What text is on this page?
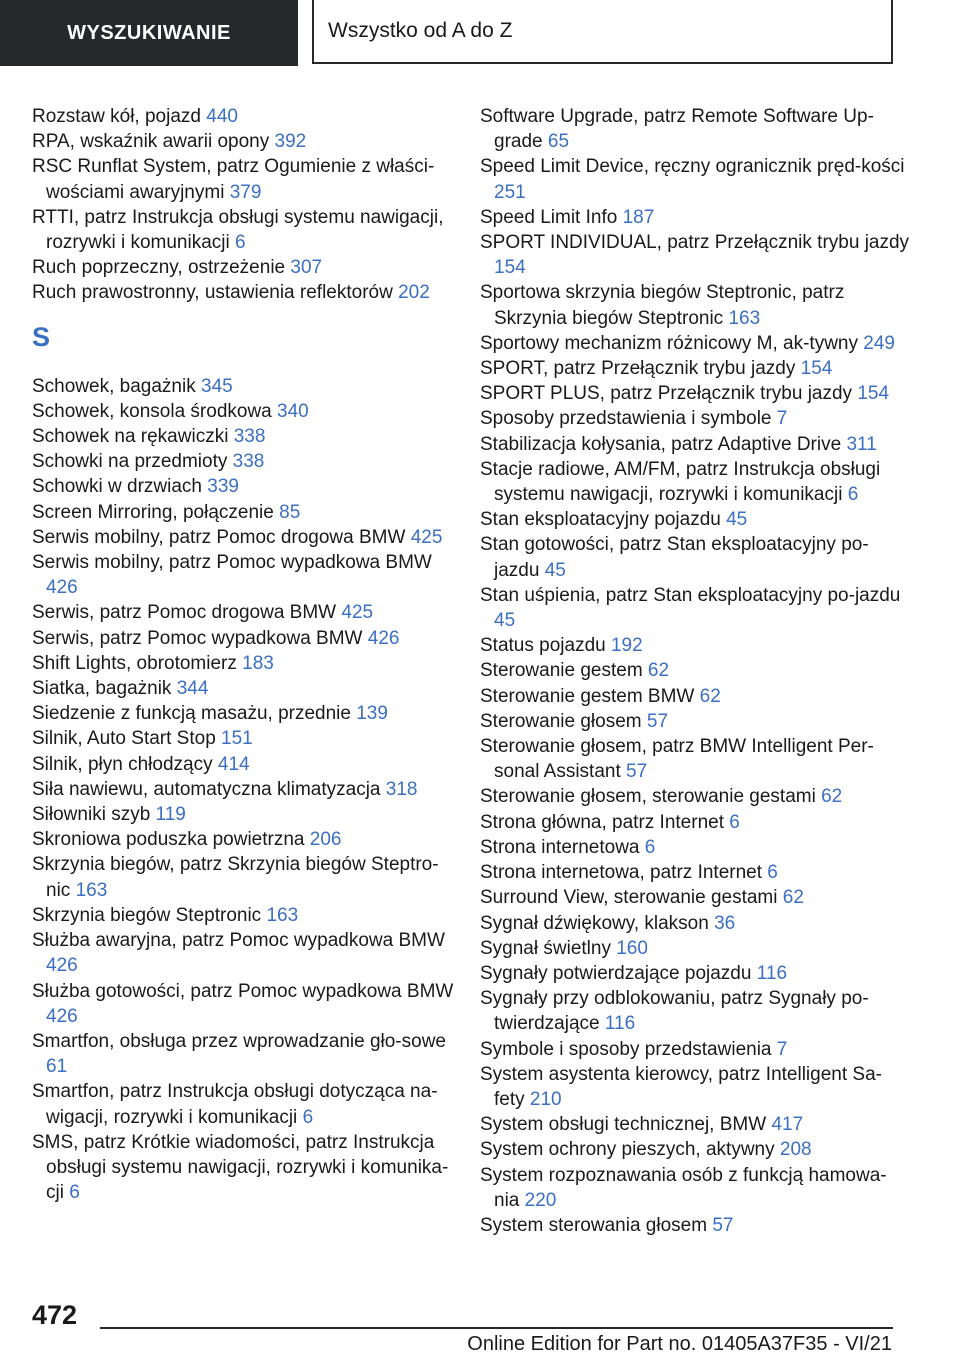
WYSZUKIWANIE	Wszystko od A do Z
Rozstaw kół, pojazd 440
RPA, wskaźnik awarii opony 392
RSC Runflat System, patrz Ogumienie z właści‐wościami awaryjnymi 379
RTTI, patrz Instrukcja obsługi systemu nawigacji, rozrywki i komunikacji 6
Ruch poprzeczny, ostrzeżenie 307
Ruch prawostronny, ustawienia reflektorów 202
S
Schowek, bagażnik 345
Schowek, konsola środkowa 340
Schowek na rękawiczki 338
Schowki na przedmioty 338
Schowki w drzwiach 339
Screen Mirroring, połączenie 85
Serwis mobilny, patrz Pomoc drogowa BMW 425
Serwis mobilny, patrz Pomoc wypadkowa BMW 426
Serwis, patrz Pomoc drogowa BMW 425
Serwis, patrz Pomoc wypadkowa BMW 426
Shift Lights, obrotomierz 183
Siatka, bagażnik 344
Siedzenie z funkcją masażu, przednie 139
Silnik, Auto Start Stop 151
Silnik, płyn chłodzący 414
Siła nawiewu, automatyczna klimatyzacja 318
Siłowniki szyb 119
Skroniowa poduszka powietrzna 206
Skrzynia biegów, patrz Skrzynia biegów Steptro‐nic 163
Skrzynia biegów Steptronic 163
Służba awaryjna, patrz Pomoc wypadkowa BMW 426
Służba gotowości, patrz Pomoc wypadkowa BMW 426
Smartfon, obsługa przez wprowadzanie gło‐sowe 61
Smartfon, patrz Instrukcja obsługi dotycząca na‐wigacji, rozrywki i komunikacji 6
SMS, patrz Krótkie wiadomości, patrz Instrukcja obsługi systemu nawigacji, rozrywki i komunika‐cji 6
Software Upgrade, patrz Remote Software Up‐grade 65
Speed Limit Device, ręczny ogranicznik pręd‐kości 251
Speed Limit Info 187
SPORT INDIVIDUAL, patrz Przełącznik trybu jazdy 154
Sportowa skrzynia biegów Steptronic, patrz Skrzynia biegów Steptronic 163
Sportowy mechanizm różnicowy M, ak‐tywny 249
SPORT, patrz Przełącznik trybu jazdy 154
SPORT PLUS, patrz Przełącznik trybu jazdy 154
Sposoby przedstawienia i symbole 7
Stabilizacja kołysania, patrz Adaptive Drive 311
Stacje radiowe, AM/FM, patrz Instrukcja obsługi systemu nawigacji, rozrywki i komunikacji 6
Stan eksploatacyjny pojazdu 45
Stan gotowości, patrz Stan eksploatacyjny po‐jazdu 45
Stan uśpienia, patrz Stan eksploatacyjny po‐jazdu 45
Status pojazdu 192
Sterowanie gestem 62
Sterowanie gestem BMW 62
Sterowanie głosem 57
Sterowanie głosem, patrz BMW Intelligent Per‐sonal Assistant 57
Sterowanie głosem, sterowanie gestami 62
Strona główna, patrz Internet 6
Strona internetowa 6
Strona internetowa, patrz Internet 6
Surround View, sterowanie gestami 62
Sygnał dźwiękowy, klakson 36
Sygnał świetlny 160
Sygnały potwierdzające pojazdu 116
Sygnały przy odblokowaniu, patrz Sygnały po‐twierdzające 116
Symbole i sposoby przedstawienia 7
System asystenta kierowcy, patrz Intelligent Sa‐fety 210
System obsługi technicznej, BMW 417
System ochrony pieszych, aktywny 208
System rozpoznawania osób z funkcją hamowa‐nia 220
System sterowania głosem 57
472
Online Edition for Part no. 01405A37F35 - VI/21
